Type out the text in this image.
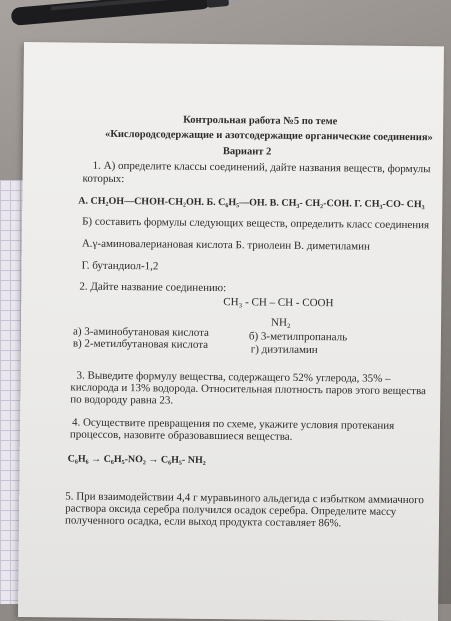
Контрольная работа №5 по теме
«Кислородсодержащие и азотсодержащие органические соединения»
Вариант 2
1. А) определите классы соединений, дайте названия веществ, формулы
которых:
А. CH₂OH—CHOH-CH₂OH. Б. C₆H₅—OH. В. CH₃- CH₂-COH. Г. CH₃-CO- CH₃
Б) составить формулы следующих веществ, определить класс соединения
А.γ-аминовалериановая кислота Б. триолеин В. диметиламин
Г. бутандиол-1,2
2. Дайте название соединению:
CH₃ - CH – CH - COOH
NH₂
а) 3-аминобутановая кислота	б) 3-метилпропаналь
в) 2-метилбутановая кислота	г) диэтиламин
3. Выведите формулу вещества, содержащего 52% углерода, 35% –
кислорода и 13% водорода. Относительная плотность паров этого вещества
по водороду равна 23.
4. Осуществите превращения по схеме, укажите условия протекания
процессов, назовите образовавшиеся вещества.
C₆H₆ → C₆H₅-NO₂ → C₆H₅- NH₂
5. При взаимодействии 4,4 г муравьиного альдегида с избытком аммиачного
раствора оксида серебра получился осадок серебра. Определите массу
полученного осадка, если выход продукта составляет 86%.
